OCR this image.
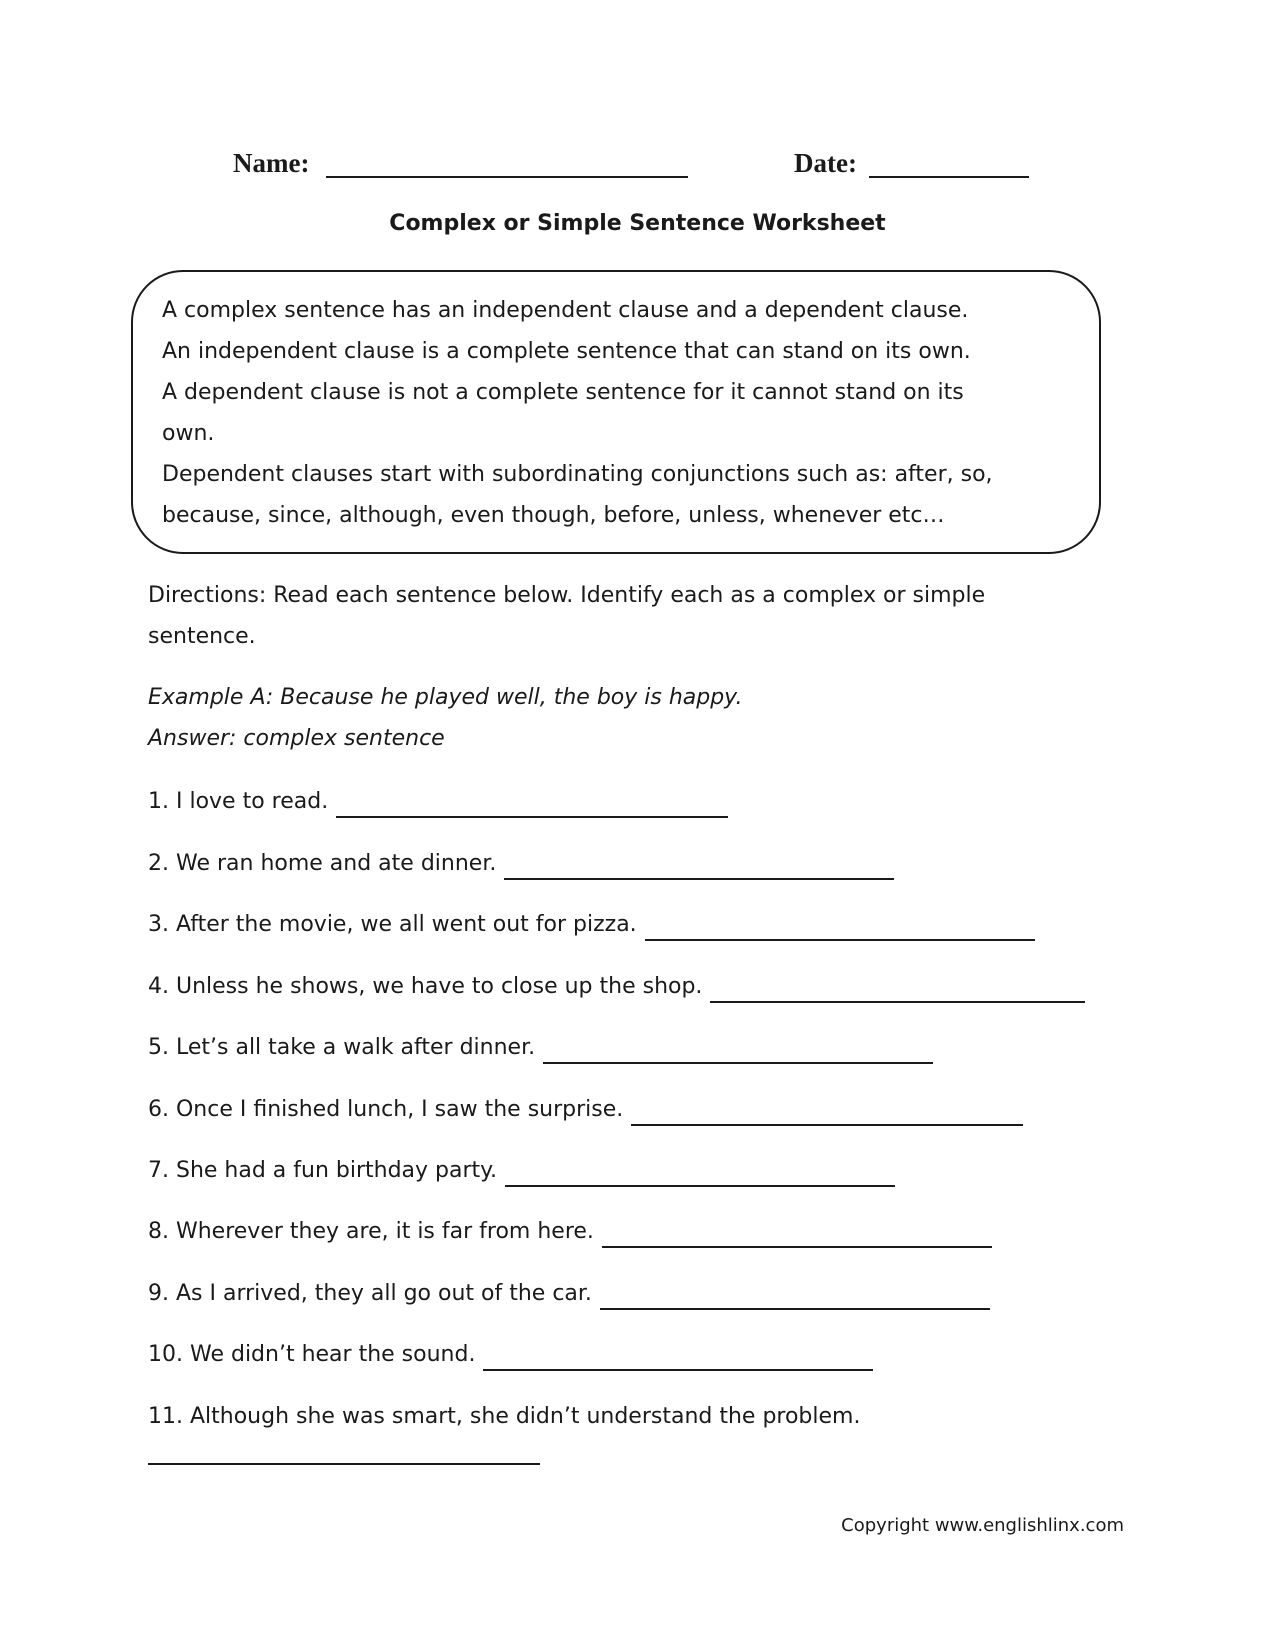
Name:	Date:
Complex or Simple Sentence Worksheet
A complex sentence has an independent clause and a dependent clause.
An independent clause is a complete sentence that can stand on its own.
A dependent clause is not a complete sentence for it cannot stand on its
own.
Dependent clauses start with subordinating conjunctions such as: after, so,
because, since, although, even though, before, unless, whenever etc…
Directions: Read each sentence below. Identify each as a complex or simple
sentence.
Example A: Because he played well, the boy is happy.
Answer: complex sentence
1. I love to read.
2. We ran home and ate dinner.
3. After the movie, we all went out for pizza.
4. Unless he shows, we have to close up the shop.
5. Let’s all take a walk after dinner.
6. Once I finished lunch, I saw the surprise.
7. She had a fun birthday party.
8. Wherever they are, it is far from here.
9. As I arrived, they all go out of the car.
10. We didn’t hear the sound.
11. Although she was smart, she didn’t understand the problem.
Copyright www.englishlinx.com
